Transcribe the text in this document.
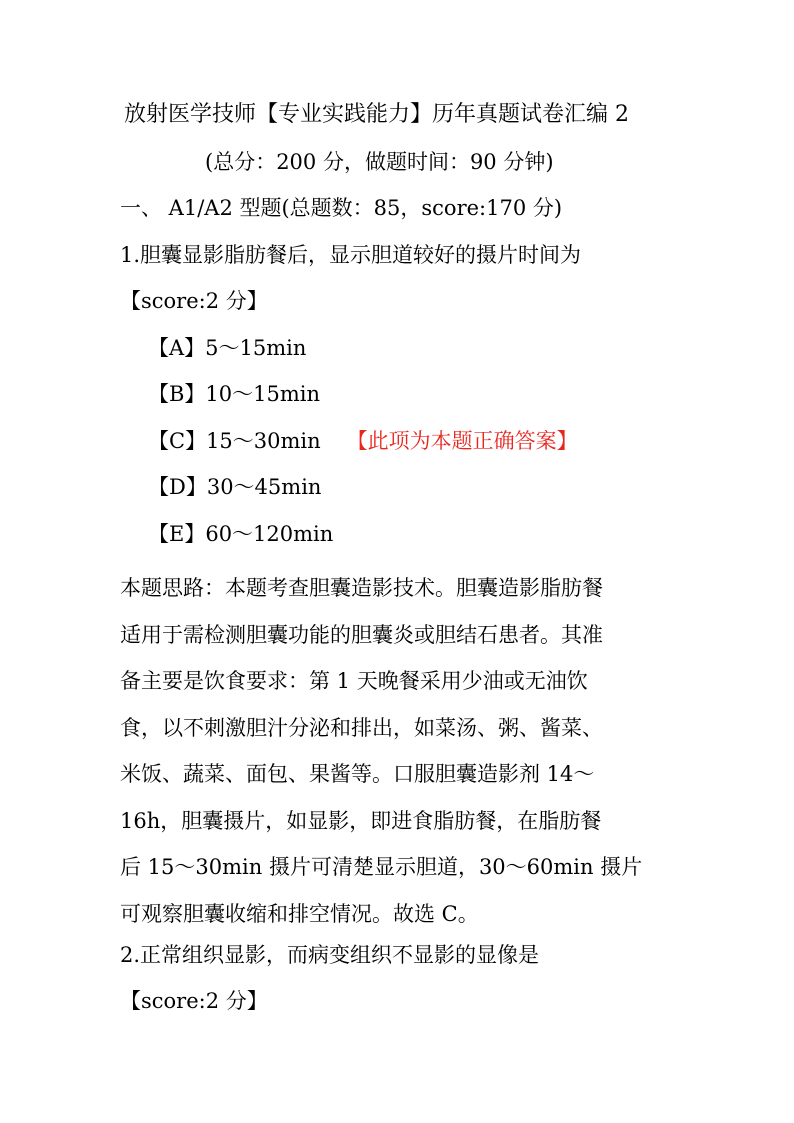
放射医学技师【专业实践能力】历年真题试卷汇编 2
(总分：200 分，做题时间：90 分钟)
一、 A1/A2 型题(总题数：85，score:170 分)
1.胆囊显影脂肪餐后，显示胆道较好的摄片时间为
【score:2 分】
【A】5～15min
【B】10～15min
【C】15～30min 【此项为本题正确答案】
【D】30～45min
【E】60～120min
本题思路：本题考查胆囊造影技术。胆囊造影脂肪餐
适用于需检测胆囊功能的胆囊炎或胆结石患者。其准
备主要是饮食要求：第 1 天晚餐采用少油或无油饮
食，以不刺激胆汁分泌和排出，如菜汤、粥、酱菜、
米饭、蔬菜、面包、果酱等。口服胆囊造影剂 14～
16h，胆囊摄片，如显影，即进食脂肪餐，在脂肪餐
后 15～30min 摄片可清楚显示胆道，30～60min 摄片
可观察胆囊收缩和排空情况。故选 C。
2.正常组织显影，而病变组织不显影的显像是
【score:2 分】
